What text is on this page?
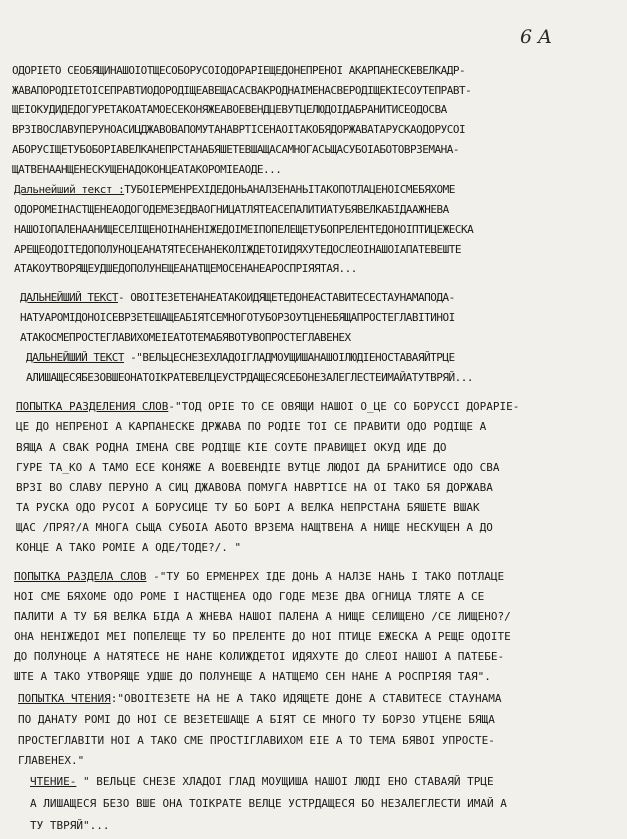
6 A
ОДОРІЕТО СЕОБЯЩИНАШОІОТЩЕСОБОРУСОІОДОРАРІЕЩЕДОНЕПРЕНОІ АКАРПАНЕСКЕВЕЛКАДР-
ЖАВАПОРОДІЕТОІСЕПРАВТИОДОРОДІЩЕАВЕЩАСАСВАКРОДНАІМЕНАСВЕРОДІЩЕКІЕСОУТЕПРАВТ-
ЩЕІОКУДИДЕДОГУРЕТАКОАТАМОЕСЕКОНЯЖЕАВОЕВЕНДЦЕВУТЦЕЛЮДОІДАБРАНИТИСЕОДОСВА
ВРЗІВОСЛАВУПЕРУНОАСИЦДЖАВОВАПОМУТАНАВРТІСЕНАОІТАКОБЯДОРЖАВАТАРУСКАОДОРУСОІ
АБОРУСІЩЕТУБОБОРІАВЕЛКАНЕПРСТАНАБЯШЕТЕВШАЩАСАМНОГАСЬЩАСУБОІАБОТОВРЗЕМАНА-
ЩАТВЕНААНЩЕНЕСКУЩЕНАДОКОНЦЕАТАКОРОМІЕАОДЕ...
Дальнейший текст :ТУБОІЕРМЕНРЕХІДЕДОНЬАНАЛЗЕНАНЬІТАКОПОТЛАЦЕНОІСМЕБЯХОМЕ
ОДОРОМЕІНАСТЩЕНЕАОДОГОДЕМЕЗЕДВАОГНИЦАТЛЯТЕАСЕПАЛИТИАТУБЯВЕЛКАБІДААЖНЕВА
НАШОІОПАЛЕНААНИЩЕСЕЛІЩЕНОІНАНЕНІЖЕДОІМЕІПОПЕЛЕЩЕТУБОПРЕЛЕНТЕДОНОІПТИЦЕЖЕСКА
АРЕЩЕОДОІТЕДОПОЛУНОЦЕАНАТЯТЕСЕНАНЕКОЛІЖДЕТОІИДЯХУТЕДОСЛЕОІНАШОІАПАТЕВЕШТЕ
АТАКОУТВОРЯЩЕУДШЕДОПОЛУНЕЩЕАНАТЩЕМОСЕНАНЕАРОСПРІЯЯТАЯ...
ДАЛЬНЕЙШИЙ ТЕКСТ- ОВОІТЕЗЕТЕНАНЕАТАКОИДЯЩЕТЕДОНЕАСТАВИТЕСЕСТАУНАМАПОДА-
НАТУАРОМІДОНОІСЕВРЗЕТЕШАЩЕАБІЯТСЕМНОГОТУБОРЗОУТЦЕНЕБЯЩАПРОСТЕГЛАВІТИНОІ
АТАКОСМЕПРОСТЕГЛАВИХОМЕІЕАТОТЕМАБЯВОТУВОПРОСТЕГЛАВЕНЕХ
ДАЛЬНЕЙШИЙ ТЕКСТ -"ВЕЛЬЦЕСНЕЗЕХЛАДОІГЛАДМОУЩИШАНАШОІЛЮДІЕНОСТАВАЯЙТРЦЕ
АЛИШАЩЕСЯБЕЗОВШЕОНАТОІКРАТЕВЕЛЦЕУСТРДАЩЕСЯСЕБОНЕЗАЛЕГЛЕСТЕИМАЙАТУТВРЯЙ...
ПОПЫТКА РАЗДЕЛЕНИЯ СЛОВ-"ТОД ОРІЕ ТО СЕ ОВЯЩИ НАШОІ О_ЦЕ СО БОРУССІ ДОРАРІЕ-
ЦЕ ДО НЕПРЕНОІ А КАРПАНЕСКЕ ДРЖАВА ПО РОДІЕ ТОІ СЕ ПРАВИТИ ОДО РОДІЩЕ А
ВЯЩА А СВАК РОДНА ІМЕНА СВЕ РОДІЩЕ КІЕ СОУТЕ ПРАВИЩЕІ ОКУД ИДЕ ДО
ГУРЕ ТА_КО А ТАМО ЕСЕ КОНЯЖЕ А ВОЕВЕНДІЕ ВУТЦЕ ЛЮДОІ ДА БРАНИТИСЕ ОДО СВА
ВРЗІ ВО СЛАВУ ПЕРУНО А СИЦ ДЖАВОВА ПОМУГА НАВРТІСЕ НА ОІ ТАКО БЯ ДОРЖАВА
ТА РУСКА ОДО РУСОІ А БОРУСИЦЕ ТУ БО БОРІ А ВЕЛКА НЕПРСТАНА БЯШЕТЕ ВШАК
ЩАС /ПРЯ?/А МНОГА СЬЩА СУБОІА АБОТО ВРЗЕМА НАЩТВЕНА А НИЩЕ НЕСКУЩЕН А ДО
КОНЦЕ А ТАКО РОМІЕ А ОДЕ/ТОДЕ?/. "
ПОПЫТКА РАЗДЕЛА СЛОВ -"ТУ БО ЕРМЕНРЕХ ІДЕ ДОНЬ А НАЛЗЕ НАНЬ І ТАКО ПОТЛАЦЕ
НОІ СМЕ БЯХОМЕ ОДО РОМЕ І НАСТЩЕНЕА ОДО ГОДЕ МЕЗЕ ДВА ОГНИЦА ТЛЯТЕ А СЕ
ПАЛИТИ А ТУ БЯ ВЕЛКА БІДА А ЖНЕВА НАШОІ ПАЛЕНА А НИЩЕ СЕЛИЩЕНО /СЕ ЛИЩЕНО?/
ОНА НЕНІЖЕДОІ МЕІ ПОПЕЛЕЩЕ ТУ БО ПРЕЛЕНТЕ ДО НОІ ПТИЦЕ ЕЖЕСКА А РЕЩЕ ОДОІТЕ
ДО ПОЛУНОЦЕ А НАТЯТЕСЕ НЕ НАНЕ КОЛИЖДЕТОІ ИДЯХУТЕ ДО СЛЕОІ НАШОІ А ПАТЕБЕ-
ШТЕ А ТАКО УТВОРЯЩЕ УДШЕ ДО ПОЛУНЕЩЕ А НАТЩЕМО СЕН НАНЕ А РОСПРІЯЯ ТАЯ".
ПОПЫТКА ЧТЕНИЯ:"ОВОІТЕЗЕТЕ НА НЕ А ТАКО ИДЯЩЕТЕ ДОНЕ А СТАВИТЕСЕ СТАУНАМА
ПО ДАНАТУ РОМІ ДО НОІ СЕ ВЕЗЕТЕШАЩЕ А БІЯТ СЕ МНОГО ТУ БОРЗО УТЦЕНЕ БЯЩА
ПРОСТЕГЛАВІТИ НОІ А ТАКО СМЕ ПРОСТІГЛАВИХОМ ЕІЕ А ТО ТЕМА БЯВОІ УПРОСТЕ-
ГЛАВЕНЕХ."
ЧТЕНИЕ- " ВЕЛЬЦЕ СНЕЗЕ ХЛАДОІ ГЛАД МОУЩИША НАШОІ ЛЮДІ ЕНО СТАВАЯЙ ТРЦЕ
А ЛИШАЩЕСЯ БЕЗО ВШЕ ОНА ТОІКРАТЕ ВЕЛЦЕ УСТРДАЩЕСЯ БО НЕЗАЛЕГЛЕСТИ ИМАЙ А
ТУ ТВРЯЙ"...
